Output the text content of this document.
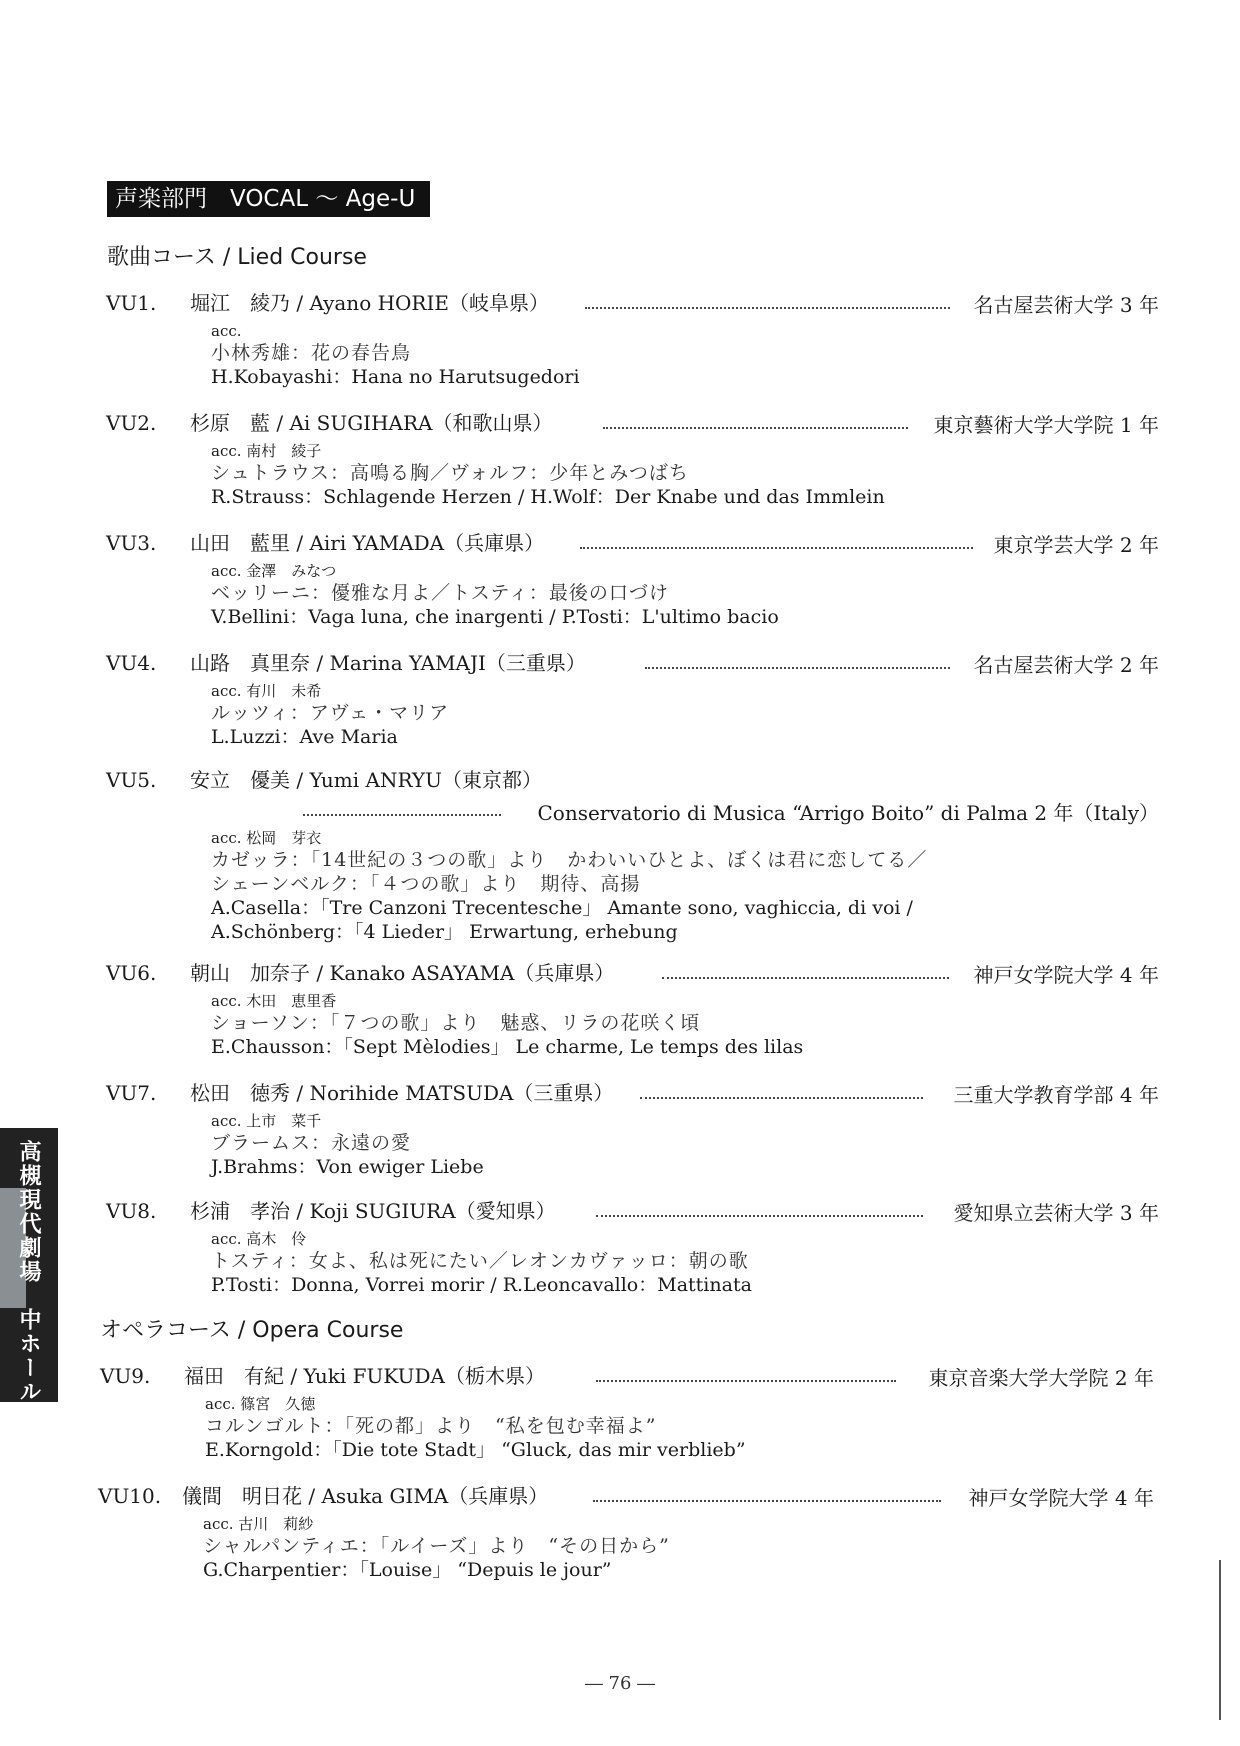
声楽部門　VOCAL ～ Age-U
歌曲コース / Lied Course
VU1. 堀江　綾乃 / Ayano HORIE（岐阜県）	名古屋芸術大学 3 年
acc.
小林秀雄：花の春告鳥
H.Kobayashi：Hana no Harutsugedori
VU2. 杉原　藍 / Ai SUGIHARA（和歌山県）	東京藝術大学大学院 1 年
acc. 南村　綾子
シュトラウス：高鳴る胸／ヴォルフ：少年とみつばち
R.Strauss：Schlagende Herzen / H.Wolf：Der Knabe und das Immlein
VU3. 山田　藍里 / Airi YAMADA（兵庫県）	東京学芸大学 2 年
acc. 金澤　みなつ
ベッリーニ：優雅な月よ／トスティ：最後の口づけ
V.Bellini：Vaga luna, che inargenti / P.Tosti：L'ultimo bacio
VU4. 山路　真里奈 / Marina YAMAJI（三重県）	名古屋芸術大学 2 年
acc. 有川　未希
ルッツィ：アヴェ・マリア
L.Luzzi：Ave Maria
VU5. 安立　優美 / Yumi ANRYU（東京都）
Conservatorio di Musica “Arrigo Boito” di Palma 2 年（Italy）
acc. 松岡　芽衣
カゼッラ：「14世紀の３つの歌」より　かわいいひとよ、ぼくは君に恋してる／
シェーンベルク：「４つの歌」より　期待、高揚
A.Casella：「Tre Canzoni Trecentesche」 Amante sono, vaghiccia, di voi /
A.Schönberg：「4 Lieder」 Erwartung, erhebung
VU6. 朝山　加奈子 / Kanako ASAYAMA（兵庫県）	神戸女学院大学 4 年
acc. 木田　恵里香
ショーソン：「７つの歌」より　魅惑、リラの花咲く頃
E.Chausson：「Sept Mèlodies」 Le charme, Le temps des lilas
VU7. 松田　徳秀 / Norihide MATSUDA（三重県）	三重大学教育学部 4 年
acc. 上市　菜千
ブラームス：永遠の愛
J.Brahms：Von ewiger Liebe
VU8. 杉浦　孝治 / Koji SUGIURA（愛知県）	愛知県立芸術大学 3 年
acc. 高木　伶
トスティ：女よ、私は死にたい／レオンカヴァッロ：朝の歌
P.Tosti：Donna, Vorrei morir / R.Leoncavallo：Mattinata
オペラコース / Opera Course
VU9. 福田　有紀 / Yuki FUKUDA（栃木県）	東京音楽大学大学院 2 年
acc. 篠宮　久徳
コルンゴルト：「死の都」より　“私を包む幸福よ”
E.Korngold：「Die tote Stadt」 “Gluck, das mir verblieb”
VU10. 儀間　明日花 / Asuka GIMA（兵庫県）	神戸女学院大学 4 年
acc. 古川　莉紗
シャルパンティエ：「ルイーズ」より　“その日から”
G.Charpentier：「Louise」 “Depuis le jour”
高槻現代劇場　中ホール
― 76 ―
